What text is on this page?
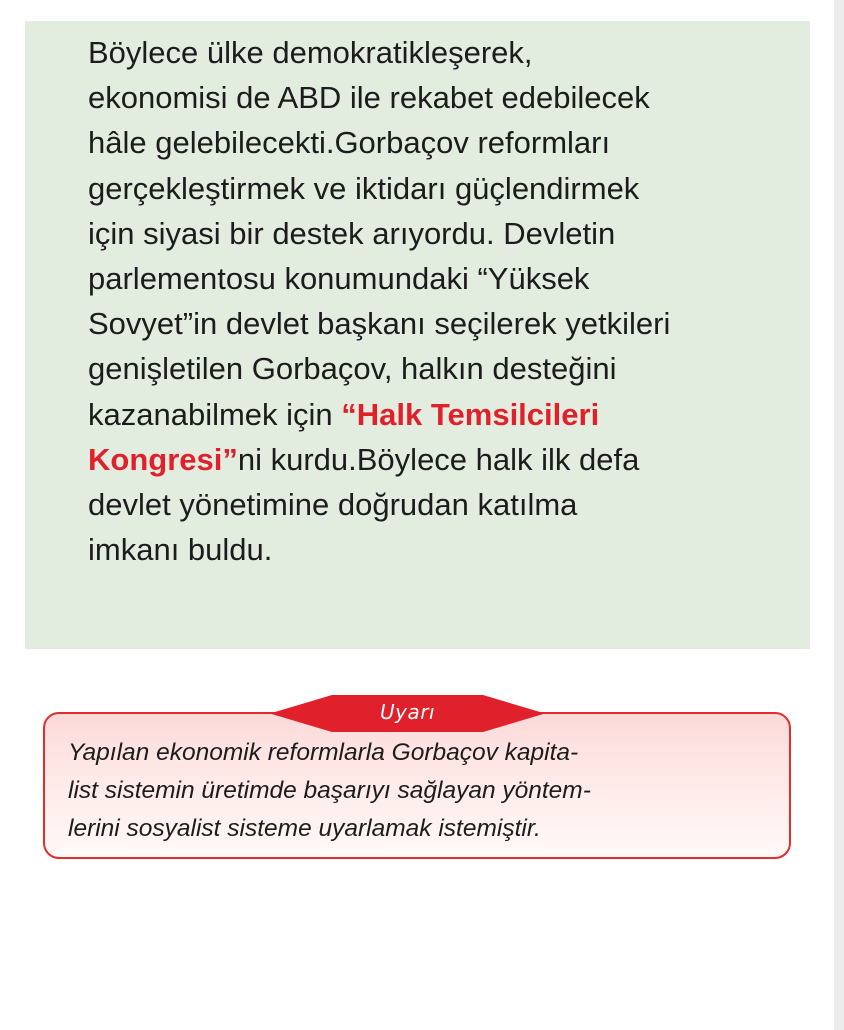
Böylece ülke demokratikleşerek,
ekonomisi de ABD ile rekabet edebilecek
hâle gelebilecekti.Gorbaçov reformları
gerçekleştirmek ve iktidarı güçlendirmek
için siyasi bir destek arıyordu. Devletin
parlementosu konumundaki “Yüksek
Sovyet”in devlet başkanı seçilerek yetkileri
genişletilen Gorbaçov, halkın desteğini
kazanabilmek için “Halk Temsilcileri
Kongresi”ni kurdu.Böylece halk ilk defa
devlet yönetimine doğrudan katılma
imkanı buldu.

Uyarı

Yapılan ekonomik reformlarla Gorbaçov kapita-
list sistemin üretimde başarıyı sağlayan yöntem-
lerini sosyalist sisteme uyarlamak istemiştir.
